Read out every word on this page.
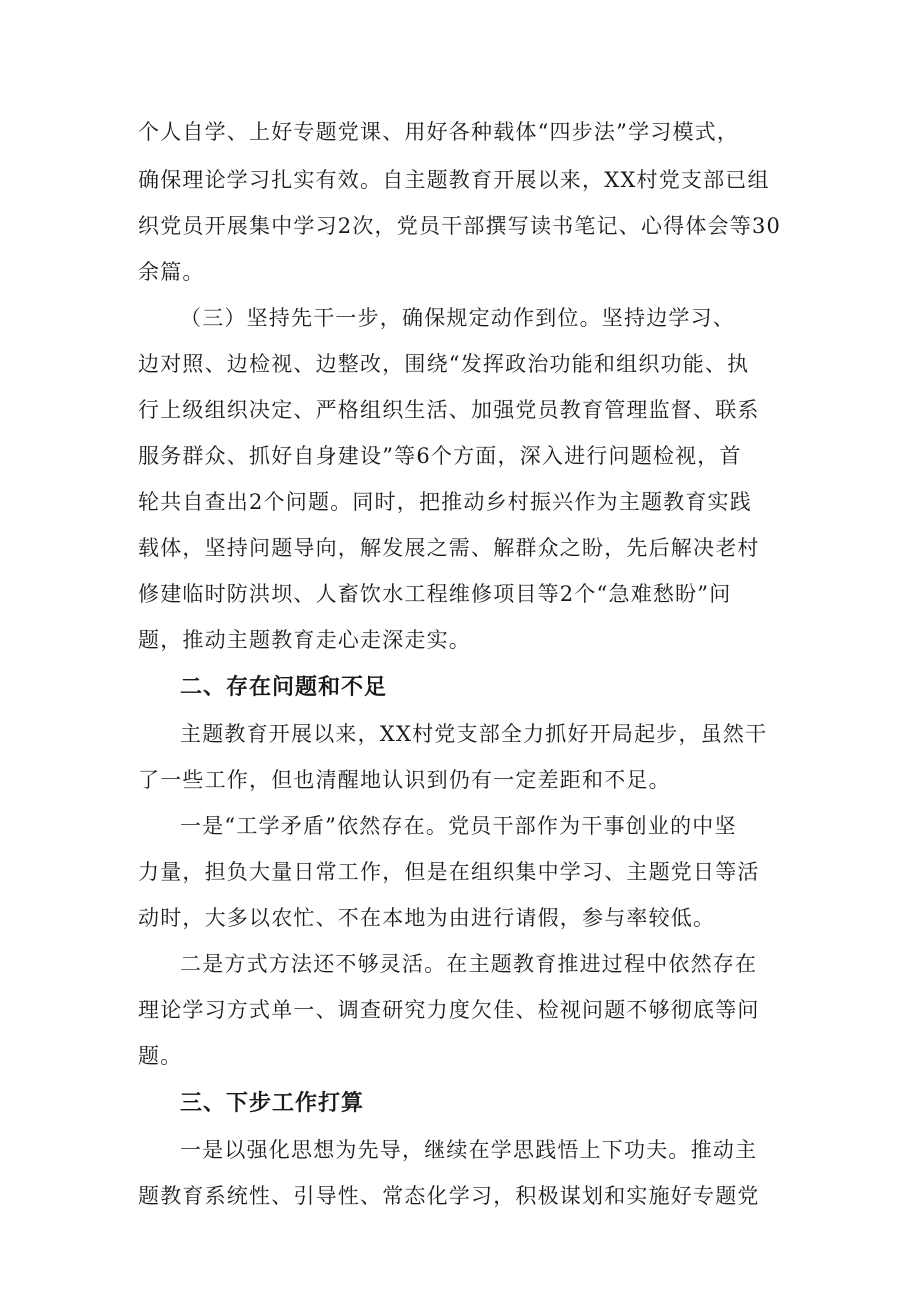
个人自学、上好专题党课、用好各种载体“四步法”学习模式，
确保理论学习扎实有效。自主题教育开展以来，XX村党支部已组
织党员开展集中学习2次，党员干部撰写读书笔记、心得体会等30
余篇。
（三）坚持先干一步，确保规定动作到位。坚持边学习、
边对照、边检视、边整改，围绕“发挥政治功能和组织功能、执
行上级组织决定、严格组织生活、加强党员教育管理监督、联系
服务群众、抓好自身建设”等6个方面，深入进行问题检视，首
轮共自查出2个问题。同时，把推动乡村振兴作为主题教育实践
载体，坚持问题导向，解发展之需、解群众之盼，先后解决老村
修建临时防洪坝、人畜饮水工程维修项目等2个“急难愁盼”问
题，推动主题教育走心走深走实。
二、存在问题和不足
主题教育开展以来，XX村党支部全力抓好开局起步，虽然干
了一些工作，但也清醒地认识到仍有一定差距和不足。
一是“工学矛盾”依然存在。党员干部作为干事创业的中坚
力量，担负大量日常工作，但是在组织集中学习、主题党日等活
动时，大多以农忙、不在本地为由进行请假，参与率较低。
二是方式方法还不够灵活。在主题教育推进过程中依然存在
理论学习方式单一、调查研究力度欠佳、检视问题不够彻底等问
题。
三、下步工作打算
一是以强化思想为先导，继续在学思践悟上下功夫。推动主
题教育系统性、引导性、常态化学习，积极谋划和实施好专题党
